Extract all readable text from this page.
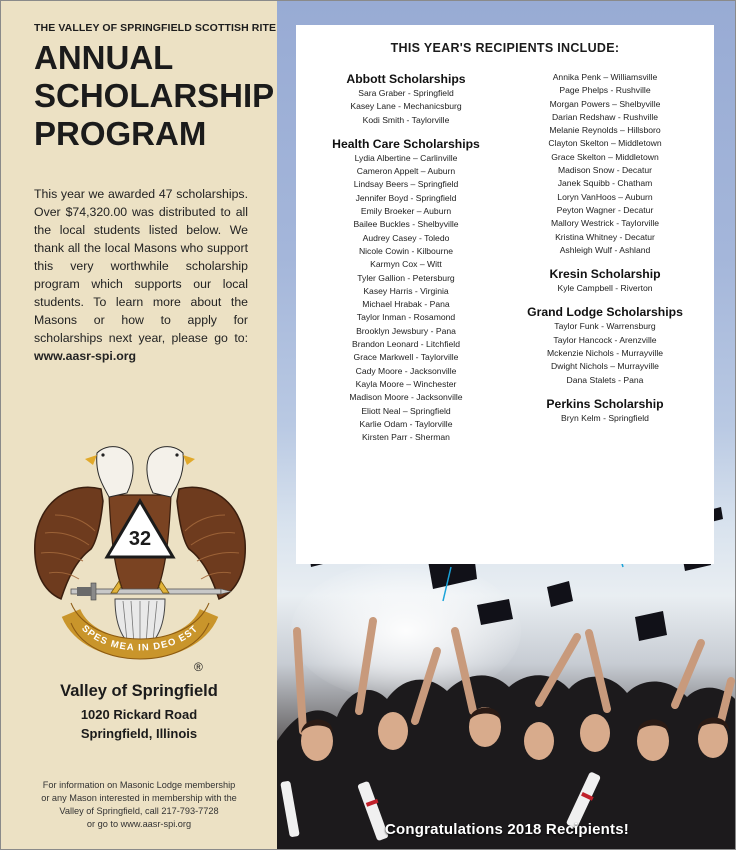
THE VALLEY OF SPRINGFIELD SCOTTISH RITE
ANNUAL
SCHOLARSHIP
PROGRAM
This year we awarded 47 scholarships. Over $74,320.00 was distributed to all the local students listed below. We thank all the local Masons who support this very worthwhile scholarship program which supports our local students. To learn more about the Masons or how to apply for scholarships next year, please go to: www.aasr-spi.org
32
SPES MEA IN DEO EST
®
Valley of Springfield
1020 Rickard Road
Springfield, Illinois
For information on Masonic Lodge membership
or any Mason interested in membership with the
Valley of Springfield, call 217-793-7728
or go to www.aasr-spi.org
THIS YEAR'S RECIPIENTS INCLUDE:
Abbott Scholarships
Sara Graber - Springfield
Kasey Lane - Mechanicsburg
Kodi Smith - Taylorville
Health Care Scholarships
Lydia Albertine – Carlinville
Cameron Appelt – Auburn
Lindsay Beers – Springfield
Jennifer Boyd - Springfield
Emily Broeker – Auburn
Bailee Buckles - Shelbyville
Audrey Casey - Toledo
Nicole Cowin - Kilbourne
Karmyn Cox – Witt
Tyler Gallion - Petersburg
Kasey Harris - Virginia
Michael Hrabak - Pana
Taylor Inman - Rosamond
Brooklyn Jewsbury - Pana
Brandon Leonard - Litchfield
Grace Markwell - Taylorville
Cady Moore - Jacksonville
Kayla Moore – Winchester
Madison Moore - Jacksonville
Eliott Neal – Springfield
Karlie Odam - Taylorville
Kirsten Parr - Sherman
Annika Penk – Williamsville
Page Phelps - Rushville
Morgan Powers – Shelbyville
Darian Redshaw - Rushville
Melanie Reynolds – Hillsboro
Clayton Skelton – Middletown
Grace Skelton – Middletown
Madison Snow - Decatur
Janek Squibb - Chatham
Loryn VanHoos – Auburn
Peyton Wagner - Decatur
Mallory Westrick - Taylorville
Kristina Whitney - Decatur
Ashleigh Wulf - Ashland
Kresin Scholarship
Kyle Campbell - Riverton
Grand Lodge Scholarships
Taylor Funk - Warrensburg
Taylor Hancock - Arenzville
Mckenzie Nichols - Murrayville
Dwight Nichols – Murrayville
Dana Stalets - Pana
Perkins Scholarship
Bryn Kelm - Springfield
Congratulations 2018 Recipients!
